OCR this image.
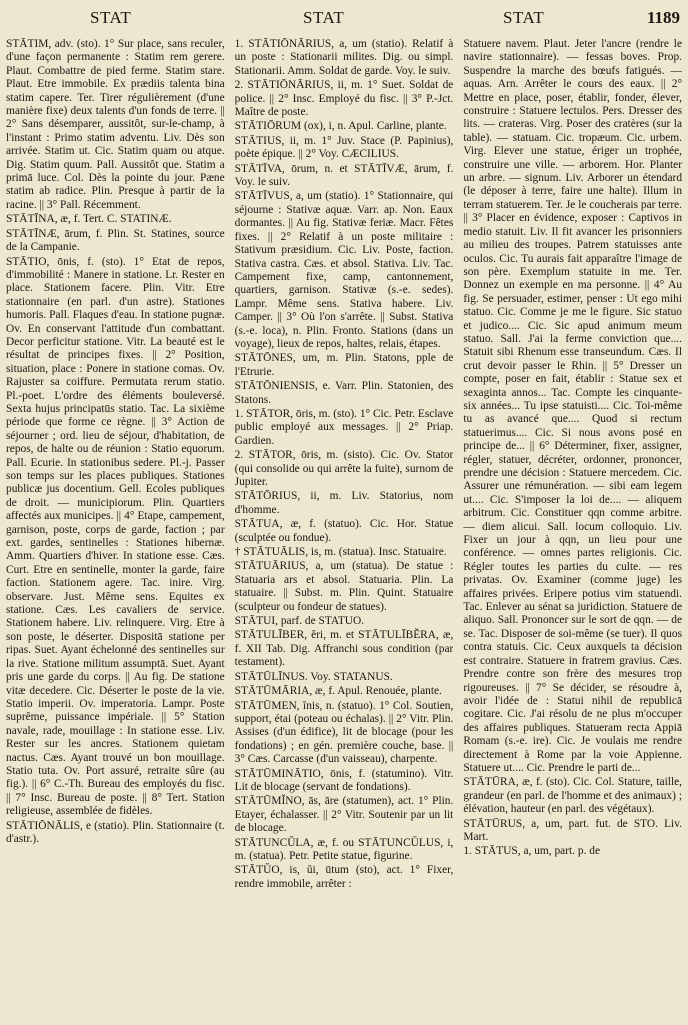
STAT	STAT	STAT	1189

STĀTIM, adv. (sto). 1° Sur place, sans reculer, d'une façon permanente : Statim rem gerere. Plaut. Combattre de pied ferme. Statim stare. Plaut. Etre immobile. Ex prædiis talenta bina statim capere. Ter. Tirer régulièrement (d'une manière fixe) deux talents d'un fonds de terre. || 2° Sans désemparer, aussitôt, sur-le-champ, à l'instant : Primo statim adventu. Liv. Dès son arrivée. Statim ut. Cic. Statim quam ou atque. Dig. Statim quum. Pall. Aussitôt que. Statim a primā luce. Col. Dès la pointe du jour. Pæne statim ab radice. Plin. Presque à partir de la racine. || 3° Pall. Récemment.

STĀTĪNA, æ, f. Tert. C. STATINÆ.

STĀTĪNÆ, ārum, f. Plin. St. Statines, source de la Campanie.

STĀTIO, ōnis, f. (sto). 1° Etat de repos, d'immobilité : Manere in statione. Lr. Rester en place. Stationem facere. Plin. Vitr. Etre stationnaire (en parl. d'un astre). Stationes humoris. Pall. Flaques d'eau. In statione pugnæ. Ov. En conservant l'attitude d'un combattant. Decor perficitur statione. Vitr. La beauté est le résultat de principes fixes. || 2° Position, situation, place : Ponere in statione comas. Ov. Rajuster sa coiffure. Permutata rerum statio. Pl.-poet. L'ordre des éléments bouleversé. Sexta hujus principatūs statio. Tac. La sixième période que forme ce règne. || 3° Action de séjourner ; ord. lieu de séjour, d'habitation, de repos, de halte ou de réunion : Statio equorum. Pall. Ecurie. In stationibus sedere. Pl.-j. Passer son temps sur les places publiques. Stationes publicæ jus docentium. Gell. Ecoles publiques de droit. — municipiorum. Plin. Quartiers affectés aux municipes. || 4° Etape, campement, garnison, poste, corps de garde, faction ; par ext. gardes, sentinelles : Stationes hibernæ. Amm. Quartiers d'hiver. In statione esse. Cæs. Curt. Etre en sentinelle, monter la garde, faire faction. Stationem agere. Tac. inire. Virg. observare. Just. Même sens. Equites ex statione. Cæs. Les cavaliers de service. Stationem habere. Liv. relinquere. Virg. Etre à son poste, le déserter. Dispositā statione per ripas. Suet. Ayant échelonné des sentinelles sur la rive. Statione militum assumptā. Suet. Ayant pris une garde du corps. || Au fig. De statione vitæ decedere. Cic. Déserter le poste de la vie. Statio imperii. Ov. imperatoria. Lampr. Poste suprême, puissance impériale. || 5° Station navale, rade, mouillage : In statione esse. Liv. Rester sur les ancres. Stationem quietam nactus. Cæs. Ayant trouvé un bon mouillage. Statio tuta. Ov. Port assuré, retraite sûre (au fig.). || 6° C.-Th. Bureau des employés du fisc. || 7° Insc. Bureau de poste. || 8° Tert. Station religieuse, assemblée de fidèles.

STĀTIŌNĀLIS, e (statio). Plin. Stationnaire (t. d'astr.).

1. STĀTIŌNĀRIUS, a, um (statio). Relatif à un poste : Stationarii milites. Dig. ou simpl. Stationarii. Amm. Soldat de garde. Voy. le suiv.

2. STĀTIŌNĀRIUS, ii, m. 1° Suet. Soldat de police. || 2° Insc. Employé du fisc. || 3° P.-Jct. Maître de poste.

STĀTIŌRUM (ox), i, n. Apul. Carline, plante.

STĀTIUS, ii, m. 1° Juv. Stace (P. Papinius), poète épique. || 2° Voy. CÆCILIUS.

STĀTĪVA, ōrum, n. et STĀTĪVÆ, ārum, f. Voy. le suiv.

STĀTĪVUS, a, um (statio). 1° Stationnaire, qui séjourne : Stativæ aquæ. Varr. ap. Non. Eaux dormantes. || Au fig. Stativæ feriæ. Macr. Fêtes fixes. || 2° Relatif à un poste militaire : Stativum præsidium. Cic. Liv. Poste, faction. Stativa castra. Cæs. et absol. Stativa. Liv. Tac. Campement fixe, camp, cantonnement, quartiers, garnison. Stativæ (s.-e. sedes). Lampr. Même sens. Stativa habere. Liv. Camper. || 3° Où l'on s'arrête. || Subst. Stativa (s.-e. loca), n. Plin. Fronto. Stations (dans un voyage), lieux de repos, haltes, relais, étapes.

STĀTŌNES, um, m. Plin. Statons, pple de l'Etrurie.

STĀTŌNIENSIS, e. Varr. Plin. Statonien, des Statons.

1. STĀTOR, ōris, m. (sto). 1° Cic. Petr. Esclave public employé aux messages. || 2° Priap. Gardien.

2. STĀTOR, ōris, m. (sisto). Cic. Ov. Stator (qui consolide ou qui arrête la fuite), surnom de Jupiter.

STĀTŌRIUS, ii, m. Liv. Statorius, nom d'homme.

STĀTUA, æ, f. (statuo). Cic. Hor. Statue (sculptée ou fondue).

† STĀTUĀLIS, is, m. (statua). Insc. Statuaire.

STĀTUĀRIUS, a, um (statua). De statue : Statuaria ars et absol. Statuaria. Plin. La statuaire. || Subst. m. Plin. Quint. Statuaire (sculpteur ou fondeur de statues).

STĀTUI, parf. de STATUO.

STĀTULĪBER, ĕri, m. et STĀTULĪBĔRA, æ, f. XII Tab. Dig. Affranchi sous condition (par testament).

STĀTŪLĪNUS. Voy. STATANUS.

STĀTŪMĀRIA, æ, f. Apul. Renouée, plante.

STĀTŪMEN, ĭnis, n. (statuo). 1° Col. Soutien, support, étai (poteau ou échalas). || 2° Vitr. Plin. Assises (d'un édifice), lit de blocage (pour les fondations) ; en gén. première couche, base. || 3° Cæs. Carcasse (d'un vaisseau), charpente.

STĀTŪMINĀTIO, ōnis, f. (statumino). Vitr. Lit de blocage (servant de fondations).

STĀTŪMĬNO, ās, āre (statumen), act. 1° Plin. Etayer, échalasser. || 2° Vitr. Soutenir par un lit de blocage.

STĀTUNCŬLA, æ, f. ou STĀTUNCŬLUS, i, m. (statua). Petr. Petite statue, figurine.

STĀTŬO, is, ŭi, ūtum (sto), act. 1° Fixer, rendre immobile, arrêter :

Statuere navem. Plaut. Jeter l'ancre (rendre le navire stationnaire). — fessas boves. Prop. Suspendre la marche des bœufs fatigués. — aquas. Arn. Arrêter le cours des eaux. || 2° Mettre en place, poser, établir, fonder, élever, construire : Statuere lectulos. Pers. Dresser des lits. — crateras. Virg. Poser des cratères (sur la table). — statuam. Cic. tropæum. Cic. urbem. Virg. Elever une statue, ériger un trophée, construire une ville. — arborem. Hor. Planter un arbre. — signum. Liv. Arborer un étendard (le déposer à terre, faire une halte). Illum in terram statuerem. Ter. Je le coucherais par terre. || 3° Placer en évidence, exposer : Captivos in medio statuit. Liv. Il fit avancer les prisonniers au milieu des troupes. Patrem statuisses ante oculos. Cic. Tu aurais fait apparaître l'image de son père. Exemplum statuite in me. Ter. Donnez un exemple en ma personne. || 4° Au fig. Se persuader, estimer, penser : Ut ego mihi statuo. Cic. Comme je me le figure. Sic statuo et judico.... Cic. Sic apud animum meum statuo. Sall. J'ai la ferme conviction que.... Statuit sibi Rhenum esse transeundum. Cæs. Il crut devoir passer le Rhin. || 5° Dresser un compte, poser en fait, établir : Statue sex et sexaginta annos... Tac. Compte les cinquante-six années... Tu ipse statuisti.... Cic. Toi-même tu as avancé que.... Quod si rectum statuerimus.... Cic. Si nous avons posé en principe de... || 6° Déterminer, fixer, assigner, régler, statuer, décréter, ordonner, prononcer, prendre une décision : Statuere mercedem. Cic. Assurer une rémunération. — sibi eam legem ut.... Cic. S'imposer la loi de.... — aliquem arbitrum. Cic. Constituer qqn comme arbitre. — diem alicui. Sall. locum colloquio. Liv. Fixer un jour à qqn, un lieu pour une conférence. — omnes partes religionis. Cic. Régler toutes les parties du culte. — res privatas. Ov. Examiner (comme juge) les affaires privées. Eripere potius vim statuendi. Tac. Enlever au sénat sa juridiction. Statuere de aliquo. Sall. Prononcer sur le sort de qqn. — de se. Tac. Disposer de soi-même (se tuer). Il quos contra statuis. Cic. Ceux auxquels ta décision est contraire. Statuere in fratrem gravius. Cæs. Prendre contre son frère des mesures trop rigoureuses. || 7° Se décider, se résoudre à, avoir l'idée de : Statui nihil de republicā cogitare. Cic. J'ai résolu de ne plus m'occuper des affaires publiques. Statueram recta Appiā Romam (s.-e. ire). Cic. Je voulais me rendre directement à Rome par la voie Appienne. Statuere ut.... Cic. Prendre le parti de...

STĀTŪRA, æ, f. (sto). Cic. Col. Stature, taille, grandeur (en parl. de l'homme et des animaux) ; élévation, hauteur (en parl. des végétaux).

STĀTŪRUS, a, um, part. fut. de STO. Liv. Mart.

1. STĀTUS, a, um, part. p. de
